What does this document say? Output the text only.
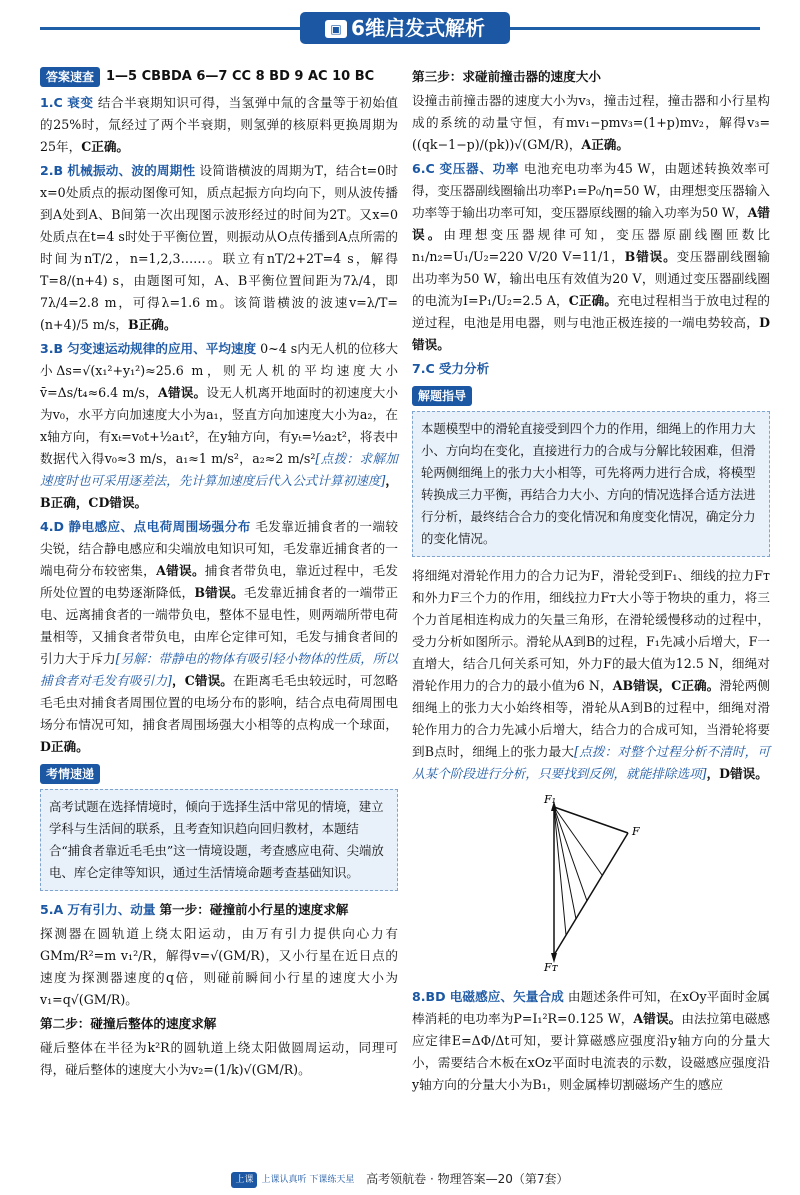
▣ 6维启发式解析
答案速查 1—5 CBBDA 6—7 CC 8 BD 9 AC 10 BC

1.C 衰变 结合半衰期知识可得，当氢弹中氚的含量等于初始值的25%时，氚经过了两个半衰期，则氢弹的核原料更换周期为25年，C正确。

2.B 机械振动、波的周期性 设简谐横波的周期为T，结合t=0时x=0处质点的振动图像可知，质点起振方向均向下，则从波传播到A处到A、B间第一次出现图示波形经过的时间为2T。又x=0处质点在t=4 s时处于平衡位置，则振动从O点传播到A点所需的时间为nT/2，n=1,2,3……。联立有nT/2+2T=4 s，解得T=8/(n+4) s，由题图可知，A、B平衡位置间距为7λ/4，即7λ/4=2.8 m，可得λ=1.6 m。该简谐横波的波速v=λ/T=(n+4)/5 m/s，B正确。

3.B 匀变速运动规律的应用、平均速度 0~4 s内无人机的位移大小Δs=√(x₁²+y₁²)≈25.6 m，则无人机的平均速度大小v̄=Δs/t₄≈6.4 m/s，A错误。设无人机离开地面时的初速度大小为v₀，水平方向加速度大小为a₁，竖直方向加速度大小为a₂，在x轴方向，有xₜ=v₀t+½a₁t²，在y轴方向，有yₜ=½a₂t²，将表中数据代入得v₀≈3 m/s，a₁≈1 m/s²，a₂≈2 m/s²[点拨：求解加速度时也可采用逐差法，先计算加速度后代入公式计算初速度]，B正确，CD错误。

4.D 静电感应、点电荷周围场强分布 毛发靠近捕食者的一端较尖锐，结合静电感应和尖端放电知识可知，毛发靠近捕食者的一端电荷分布较密集，A错误。捕食者带负电，靠近过程中，毛发所处位置的电势逐渐降低，B错误。毛发靠近捕食者的一端带正电、远离捕食者的一端带负电，整体不显电性，则两端所带电荷量相等，又捕食者带负电，由库仑定律可知，毛发与捕食者间的引力大于斥力[另解：带静电的物体有吸引轻小物体的性质，所以捕食者对毛发有吸引力]，C错误。在距离毛毛虫较远时，可忽略毛毛虫对捕食者周围位置的电场分布的影响，结合点电荷周围电场分布情况可知，捕食者周围场强大小相等的点构成一个球面，D正确。

考情速递
高考试题在选择情境时，倾向于选择生活中常见的情境，建立学科与生活间的联系，且考查知识趋向回归教材，本题结合“捕食者靠近毛毛虫”这一情境设题，考查感应电荷、尖端放电、库仑定律等知识，通过生活情境命题考查基础知识。

5.A 万有引力、动量 第一步：碰撞前小行星的速度求解

探测器在圆轨道上绕太阳运动，由万有引力提供向心力有GMm/R²=m v₁²/R，解得v=√(GM/R)，又小行星在近日点的速度为探测器速度的q倍，则碰前瞬间小行星的速度大小为v₁=q√(GM/R)。

第二步：碰撞后整体的速度求解

碰后整体在半径为k²R的圆轨道上绕太阳做圆周运动，同理可得，碰后整体的速度大小为v₂=(1/k)√(GM/R)。

第三步：求碰前撞击器的速度大小

设撞击前撞击器的速度大小为v₃，撞击过程，撞击器和小行星构成的系统的动量守恒，有mv₁−pmv₃=(1+p)mv₂，解得v₃=((qk−1−p)/(pk))√(GM/R)，A正确。

6.C 变压器、功率 电池充电功率为45 W，由题述转换效率可得，变压器副线圈输出功率P₁=P₀/η=50 W，由理想变压器输入功率等于输出功率可知，变压器原线圈的输入功率为50 W，A错误。由理想变压器规律可知，变压器原副线圈匝数比n₁/n₂=U₁/U₂=220 V/20 V=11/1，B错误。变压器副线圈输出功率为50 W，输出电压有效值为20 V，则通过变压器副线圈的电流为I=P₁/U₂=2.5 A，C正确。充电过程相当于放电过程的逆过程，电池是用电器，则与电池正极连接的一端电势较高，D错误。

7.C 受力分析

解题指导
本题模型中的滑轮直接受到四个力的作用，细绳上的作用力大小、方向均在变化，直接进行力的合成与分解比较困难，但滑轮两侧细绳上的张力大小相等，可先将两力进行合成，将模型转换成三力平衡，再结合力大小、方向的情况选择合适方法进行分析，最终结合合力的变化情况和角度变化情况，确定分力的变化情况。

将细绳对滑轮作用力的合力记为F，滑轮受到F₁、细线的拉力Fᴛ和外力F三个力的作用，细线拉力Fᴛ大小等于物块的重力，将三个力首尾相连构成力的矢量三角形，在滑轮缓慢移动的过程中，受力分析如图所示。滑轮从A到B的过程，F₁先减小后增大，F一直增大，结合几何关系可知，外力F的最大值为12.5 N，细绳对滑轮作用力的合力的最小值为6 N，AB错误，C正确。滑轮两侧细绳上的张力大小始终相等，滑轮从A到B的过程中，细绳对滑轮作用力的合力先减小后增大，结合力的合成可知，当滑轮将要到B点时，细绳上的张力最大[点拨：对整个过程分析不清时，可从某个阶段进行分析，只要找到反例，就能排除选项]，D错误。

F₁
F
Fᴛ

8.BD 电磁感应、矢量合成 由题述条件可知，在xOy平面时金属棒消耗的电功率为P=I₁²R=0.125 W，A错误。由法拉第电磁感应定律E=ΔΦ/Δt可知，要计算磁感应强度沿y轴方向的分量大小，需要结合木板在xOz平面时电流表的示数，设磁感应强度沿y轴方向的分量大小为B₁，则金属棒切割磁场产生的感应

上课 上课认真听 下课练天星 高考领航卷 · 物理答案—20（第7套）
